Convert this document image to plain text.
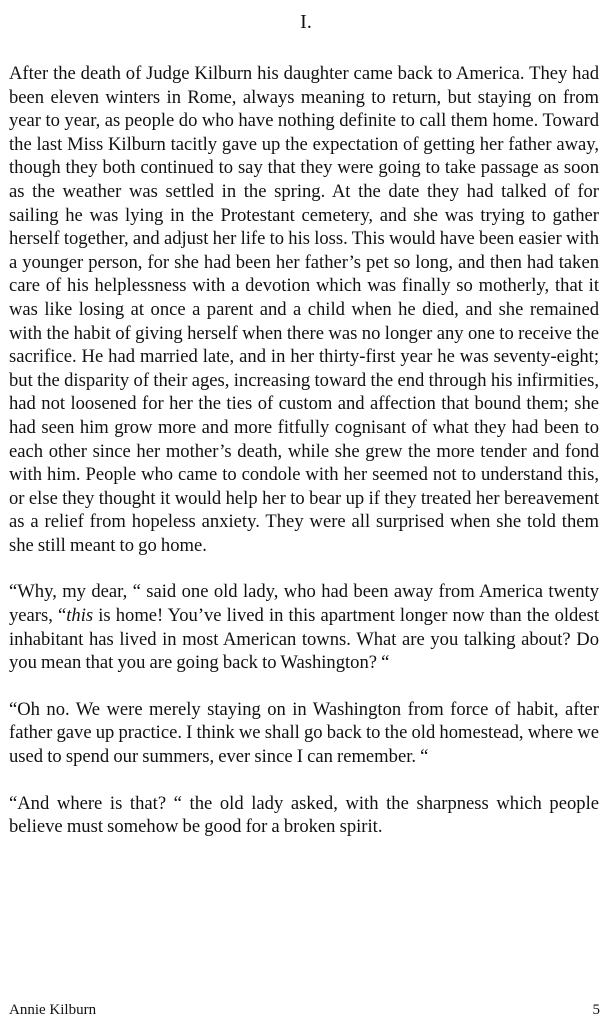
I.

After the death of Judge Kilburn his daughter came back to America. They had been eleven winters in Rome, always meaning to return, but staying on from year to year, as people do who have nothing definite to call them home. Toward the last Miss Kilburn tacitly gave up the expectation of getting her father away, though they both continued to say that they were going to take passage as soon as the weather was settled in the spring. At the date they had talked of for sailing he was lying in the Protestant cemetery, and she was trying to gather herself together, and adjust her life to his loss. This would have been easier with a younger person, for she had been her father’s pet so long, and then had taken care of his helplessness with a devotion which was finally so motherly, that it was like losing at once a parent and a child when he died, and she remained with the habit of giving herself when there was no longer any one to receive the sacrifice. He had married late, and in her thirty-first year he was seventy-eight; but the disparity of their ages, increasing toward the end through his infirmities, had not loosened for her the ties of custom and affection that bound them; she had seen him grow more and more fitfully cognisant of what they had been to each other since her mother’s death, while she grew the more tender and fond with him. People who came to condole with her seemed not to understand this, or else they thought it would help her to bear up if they treated her bereavement as a relief from hopeless anxiety. They were all surprised when she told them she still meant to go home.

“Why, my dear, “ said one old lady, who had been away from America twenty years, “this is home! You’ve lived in this apartment longer now than the oldest inhabitant has lived in most American towns. What are you talking about? Do you mean that you are going back to Washington? “

“Oh no. We were merely staying on in Washington from force of habit, after father gave up practice. I think we shall go back to the old homestead, where we used to spend our summers, ever since I can remember. “

“And where is that? “ the old lady asked, with the sharpness which people believe must somehow be good for a broken spirit.

Annie Kilburn	5
